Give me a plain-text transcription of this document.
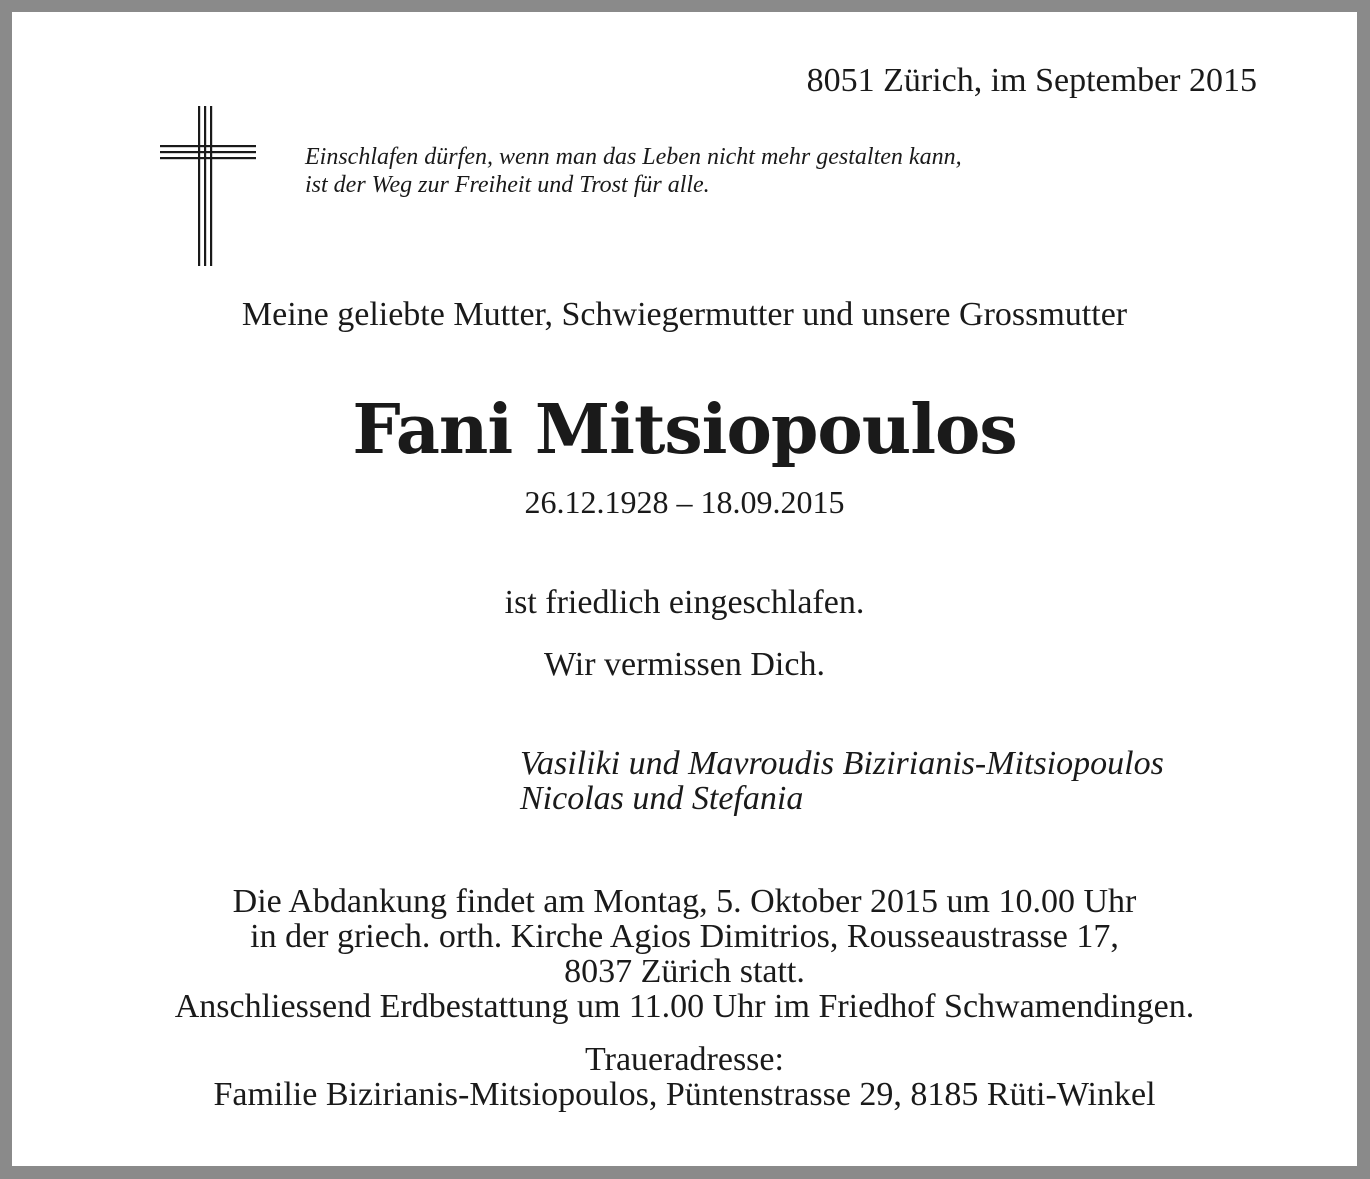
8051 Zürich, im September 2015

Einschlafen dürfen, wenn man das Leben nicht mehr gestalten kann,
ist der Weg zur Freiheit und Trost für alle.

Meine geliebte Mutter, Schwiegermutter und unsere Grossmutter

Fani Mitsiopoulos

26.12.1928 – 18.09.2015

ist friedlich eingeschlafen.

Wir vermissen Dich.

Vasiliki und Mavroudis Bizirianis-Mitsiopoulos
Nicolas und Stefania
Die Abdankung findet am Montag, 5. Oktober 2015 um 10.00 Uhr
in der griech. orth. Kirche Agios Dimitrios, Rousseaustrasse 17,
8037 Zürich statt.
Anschliessend Erdbestattung um 11.00 Uhr im Friedhof Schwamendingen.
Traueradresse:
Familie Bizirianis-Mitsiopoulos, Püntenstrasse 29, 8185 Rüti-Winkel
